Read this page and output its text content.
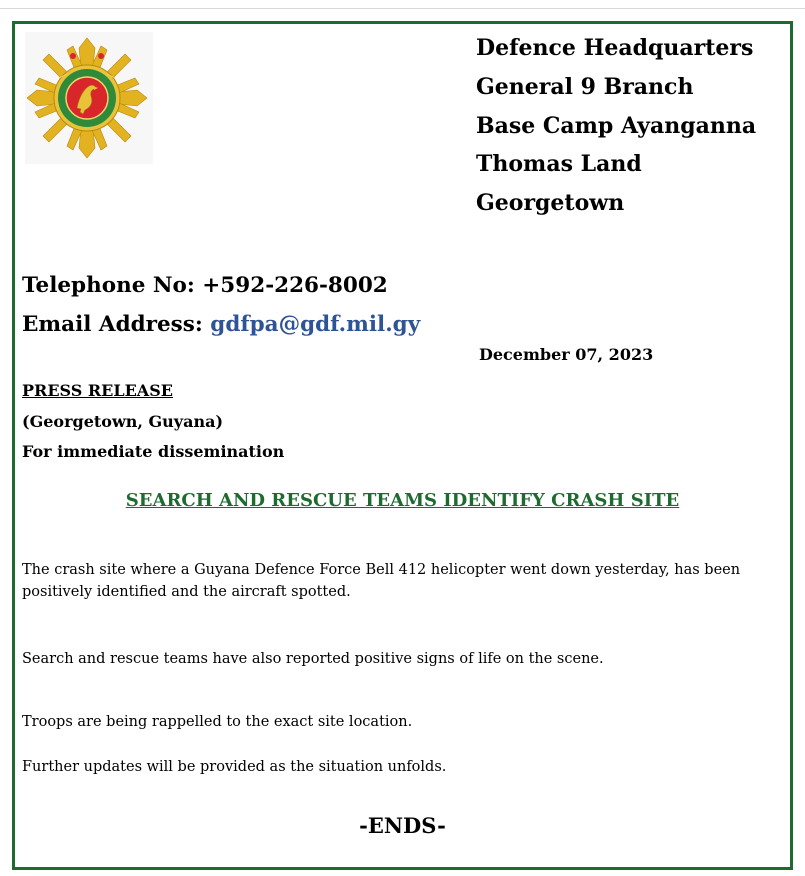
Defence Headquarters
General 9 Branch
Base Camp Ayanganna
Thomas Land
Georgetown
Telephone No: +592-226-8002
Email Address: gdfpa@gdf.mil.gy
December 07, 2023
PRESS RELEASE
(Georgetown, Guyana)
For immediate dissemination
SEARCH AND RESCUE TEAMS IDENTIFY CRASH SITE
The crash site where a Guyana Defence Force Bell 412 helicopter went down yesterday, has been positively identified and the aircraft spotted.
Search and rescue teams have also reported positive signs of life on the scene.
Troops are being rappelled to the exact site location.
Further updates will be provided as the situation unfolds.
-ENDS-
